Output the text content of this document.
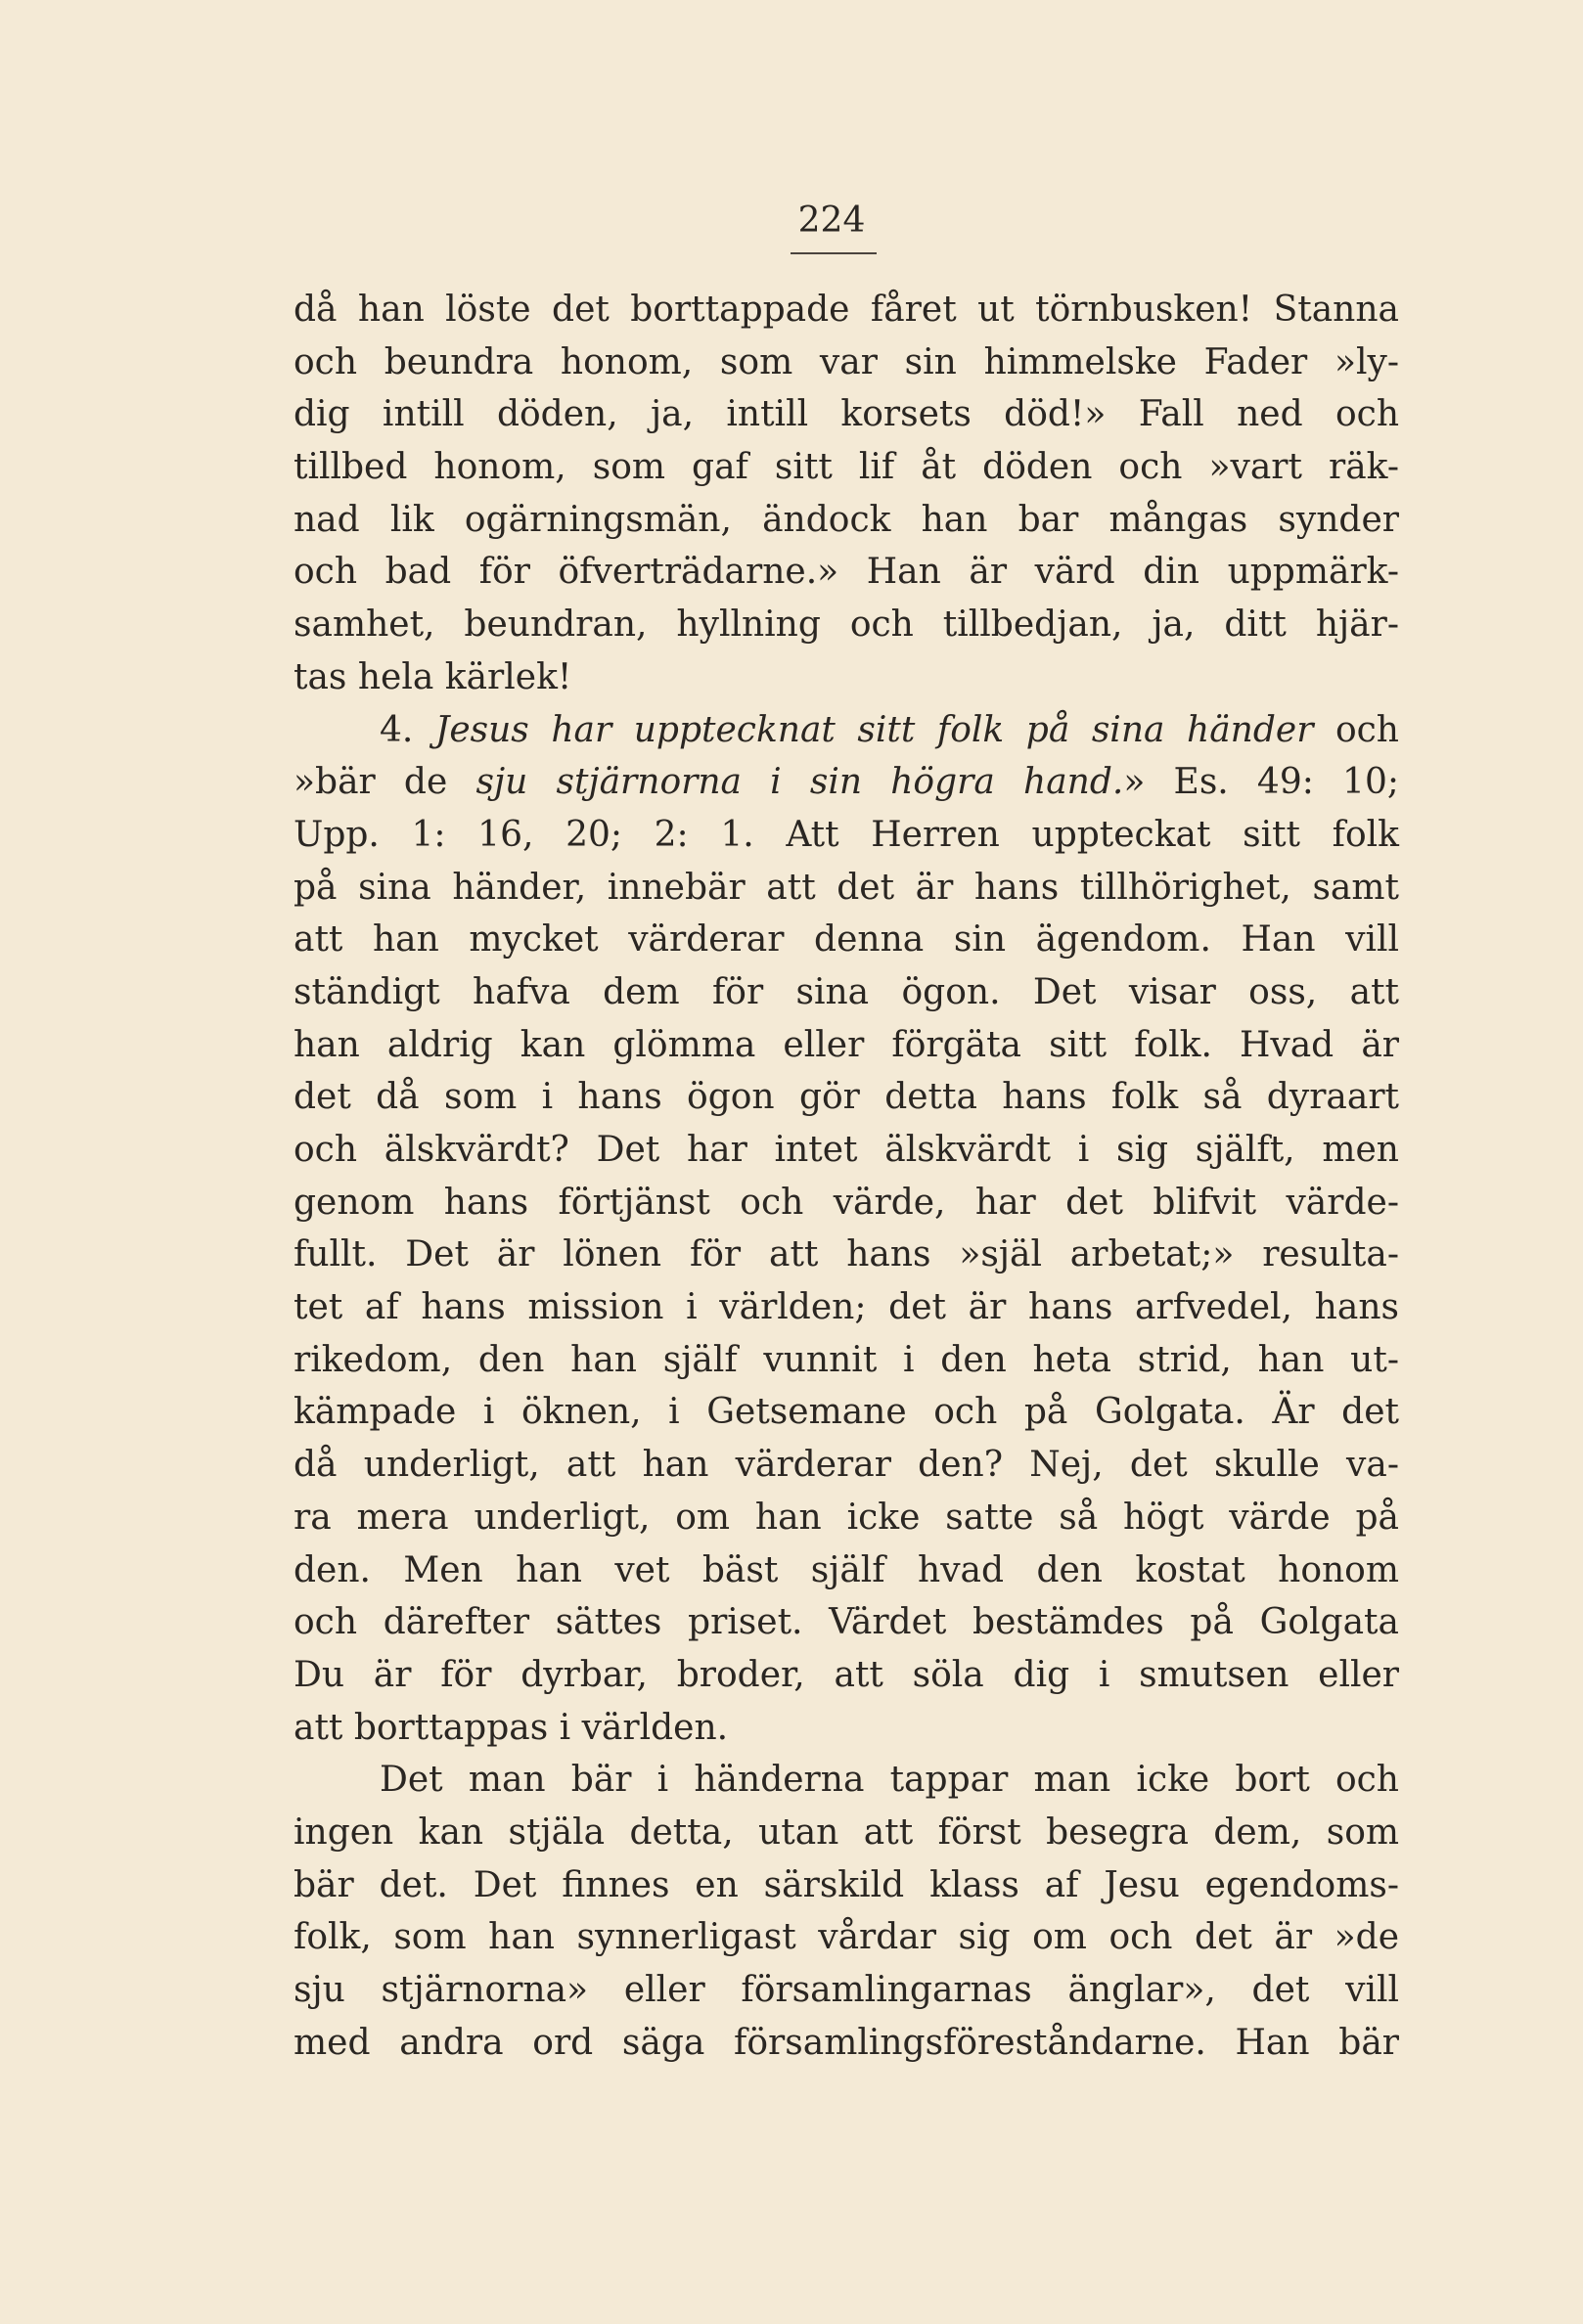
224
då han löste det borttappade fåret ut törnbusken! Stanna
och beundra honom, som var sin himmelske Fader »ly-
dig intill döden, ja, intill korsets död!» Fall ned och
tillbed honom, som gaf sitt lif åt döden och »vart räk-
nad lik ogärningsmän, ändock han bar mångas synder
och bad för öfverträdarne.» Han är värd din uppmärk-
samhet, beundran, hyllning och tillbedjan, ja, ditt hjär-
tas hela kärlek!
4. Jesus har upptecknat sitt folk på sina händer och
»bär de sju stjärnorna i sin högra hand.» Es. 49: 10;
Upp. 1: 16, 20; 2: 1. Att Herren uppteckat sitt folk
på sina händer, innebär att det är hans tillhörighet, samt
att han mycket värderar denna sin ägendom. Han vill
ständigt hafva dem för sina ögon. Det visar oss, att
han aldrig kan glömma eller förgäta sitt folk. Hvad är
det då som i hans ögon gör detta hans folk så dyraart
och älskvärdt? Det har intet älskvärdt i sig själft, men
genom hans förtjänst och värde, har det blifvit värde-
fullt. Det är lönen för att hans »själ arbetat;» resulta-
tet af hans mission i världen; det är hans arfvedel, hans
rikedom, den han själf vunnit i den heta strid, han ut-
kämpade i öknen, i Getsemane och på Golgata. Är det
då underligt, att han värderar den? Nej, det skulle va-
ra mera underligt, om han icke satte så högt värde på
den. Men han vet bäst själf hvad den kostat honom
och därefter sättes priset. Värdet bestämdes på Golgata
Du är för dyrbar, broder, att söla dig i smutsen eller
att borttappas i världen.
Det man bär i händerna tappar man icke bort och
ingen kan stjäla detta, utan att först besegra dem, som
bär det. Det finnes en särskild klass af Jesu egendoms-
folk, som han synnerligast vårdar sig om och det är »de
sju stjärnorna» eller församlingarnas änglar», det vill
med andra ord säga församlingsföreståndarne. Han bär
